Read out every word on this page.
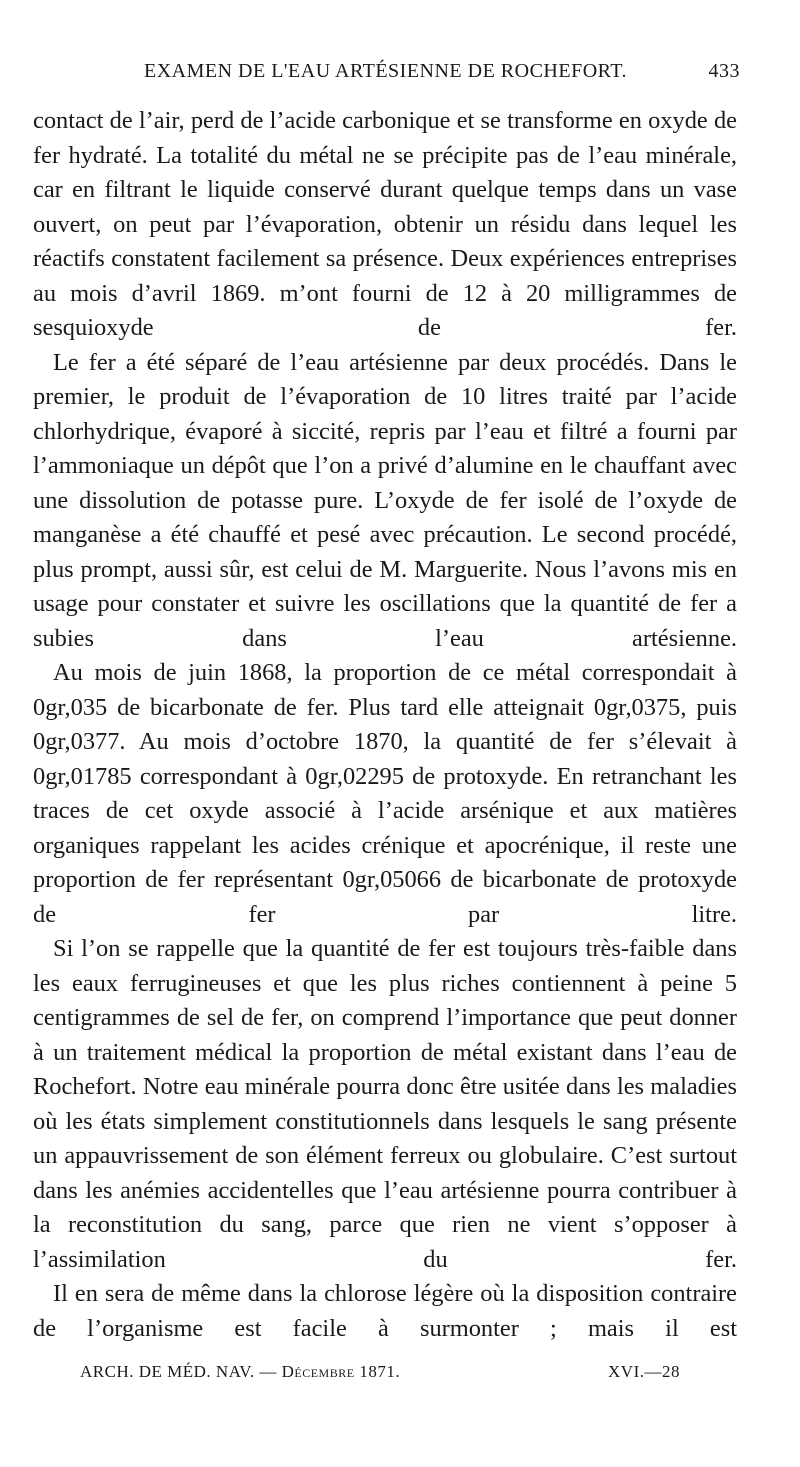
EXAMEN DE L'EAU ARTÉSIENNE DE ROCHEFORT.	433

contact de l’air, perd de l’acide carbonique et se transforme en oxyde de fer hydraté. La totalité du métal ne se précipite pas de l’eau minérale, car en filtrant le liquide conservé durant quelque temps dans un vase ouvert, on peut par l’évaporation, obtenir un résidu dans lequel les réactifs constatent facilement sa présence. Deux expériences entreprises au mois d’avril 1869. m’ont fourni de 12 à 20 milligrammes de sesquioxyde de fer.

Le fer a été séparé de l’eau artésienne par deux procédés. Dans le premier, le produit de l’évaporation de 10 litres traité par l’acide chlorhydrique, évaporé à siccité, repris par l’eau et filtré a fourni par l’ammoniaque un dépôt que l’on a privé d’alumine en le chauffant avec une dissolution de potasse pure. L’oxyde de fer isolé de l’oxyde de manganèse a été chauffé et pesé avec précaution. Le second procédé, plus prompt, aussi sûr, est celui de M. Marguerite. Nous l’avons mis en usage pour constater et suivre les oscillations que la quantité de fer a subies dans l’eau artésienne.

Au mois de juin 1868, la proportion de ce métal correspondait à 0gr,035 de bicarbonate de fer. Plus tard elle atteignait 0gr,0375, puis 0gr,0377. Au mois d’octobre 1870, la quantité de fer s’élevait à 0gr,01785 correspondant à 0gr,02295 de protoxyde. En retranchant les traces de cet oxyde associé à l’acide arsénique et aux matières organiques rappelant les acides crénique et apocrénique, il reste une proportion de fer représentant 0gr,05066 de bicarbonate de protoxyde de fer par litre.

Si l’on se rappelle que la quantité de fer est toujours très-faible dans les eaux ferrugineuses et que les plus riches contiennent à peine 5 centigrammes de sel de fer, on comprend l’importance que peut donner à un traitement médical la proportion de métal existant dans l’eau de Rochefort. Notre eau minérale pourra donc être usitée dans les maladies où les états simplement constitutionnels dans lesquels le sang présente un appauvrissement de son élément ferreux ou globulaire. C’est surtout dans les anémies accidentelles que l’eau artésienne pourra contribuer à la reconstitution du sang, parce que rien ne vient s’opposer à l’assimilation du fer.

Il en sera de même dans la chlorose légère où la disposition contraire de l’organisme est facile à surmonter ; mais il est

ARCH. DE MÉD. NAV. — Décembre 1871.	XVI.—28
